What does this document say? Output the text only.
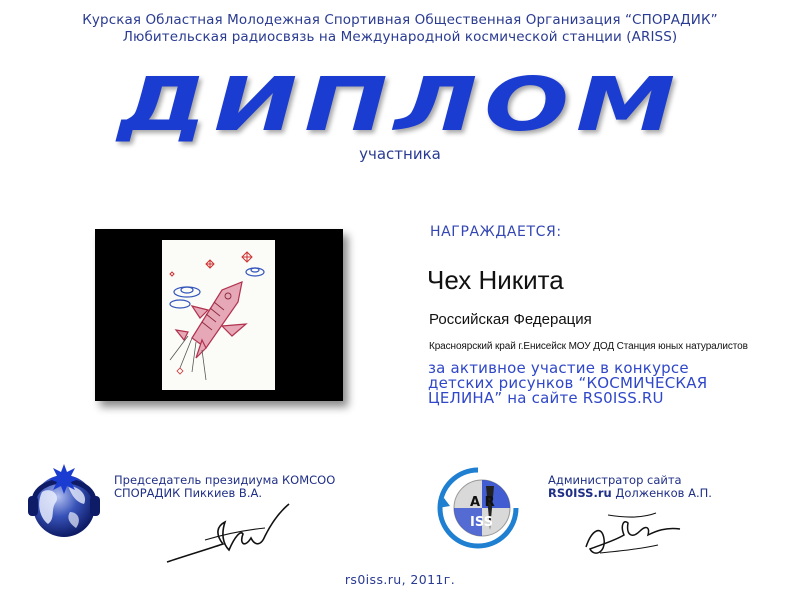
Курская Областная Молодежная Спортивная Общественная Организация “СПОРАДИК”
Любительская радиосвязь на Международной космической станции (ARISS)
ДИПЛОМ
участника
НАГРАЖДАЕТСЯ:
Чех Никита
Российская Федерация
Красноярский край г.Енисейск МОУ ДОД Станция юных натуралистов
за активное участие в конкурсе
детских рисунков “КОСМИЧЕСКАЯ
ЦЕЛИНА” на сайте RS0ISS.RU
Председатель президиума КОМСОО
СПОРАДИК Пиккиев В.А.
A R
ISS
Администратор сайта
RS0ISS.ru Долженков А.П.
rs0iss.ru, 2011г.
